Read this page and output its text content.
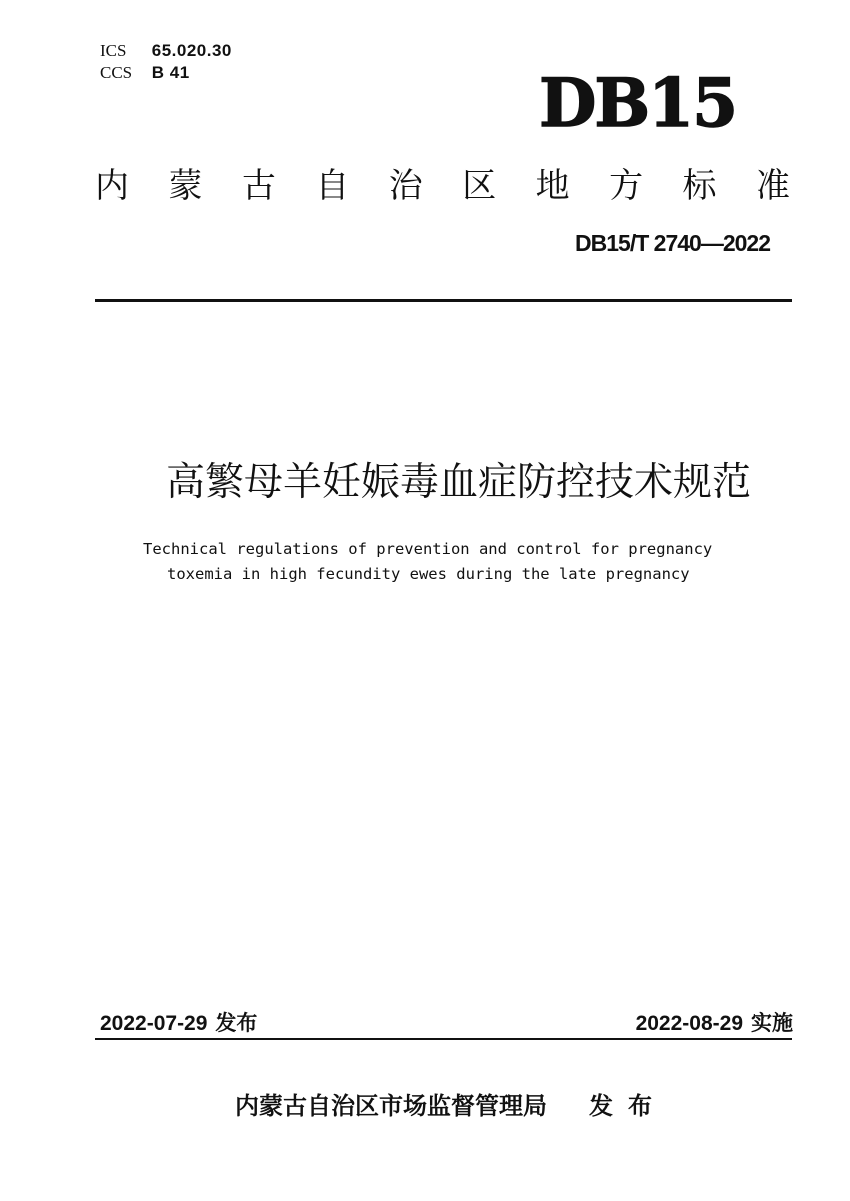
ICS 65.020.30
CCS B 41	DB15
内 蒙 古 自 治 区 地 方 标 准
DB15/T 2740—2022
高繁母羊妊娠毒血症防控技术规范
Technical regulations of prevention and control for pregnancy
toxemia in high fecundity ewes during the late pregnancy
2022-07-29 发布	2022-08-29 实施
内蒙古自治区市场监督管理局 发 布
